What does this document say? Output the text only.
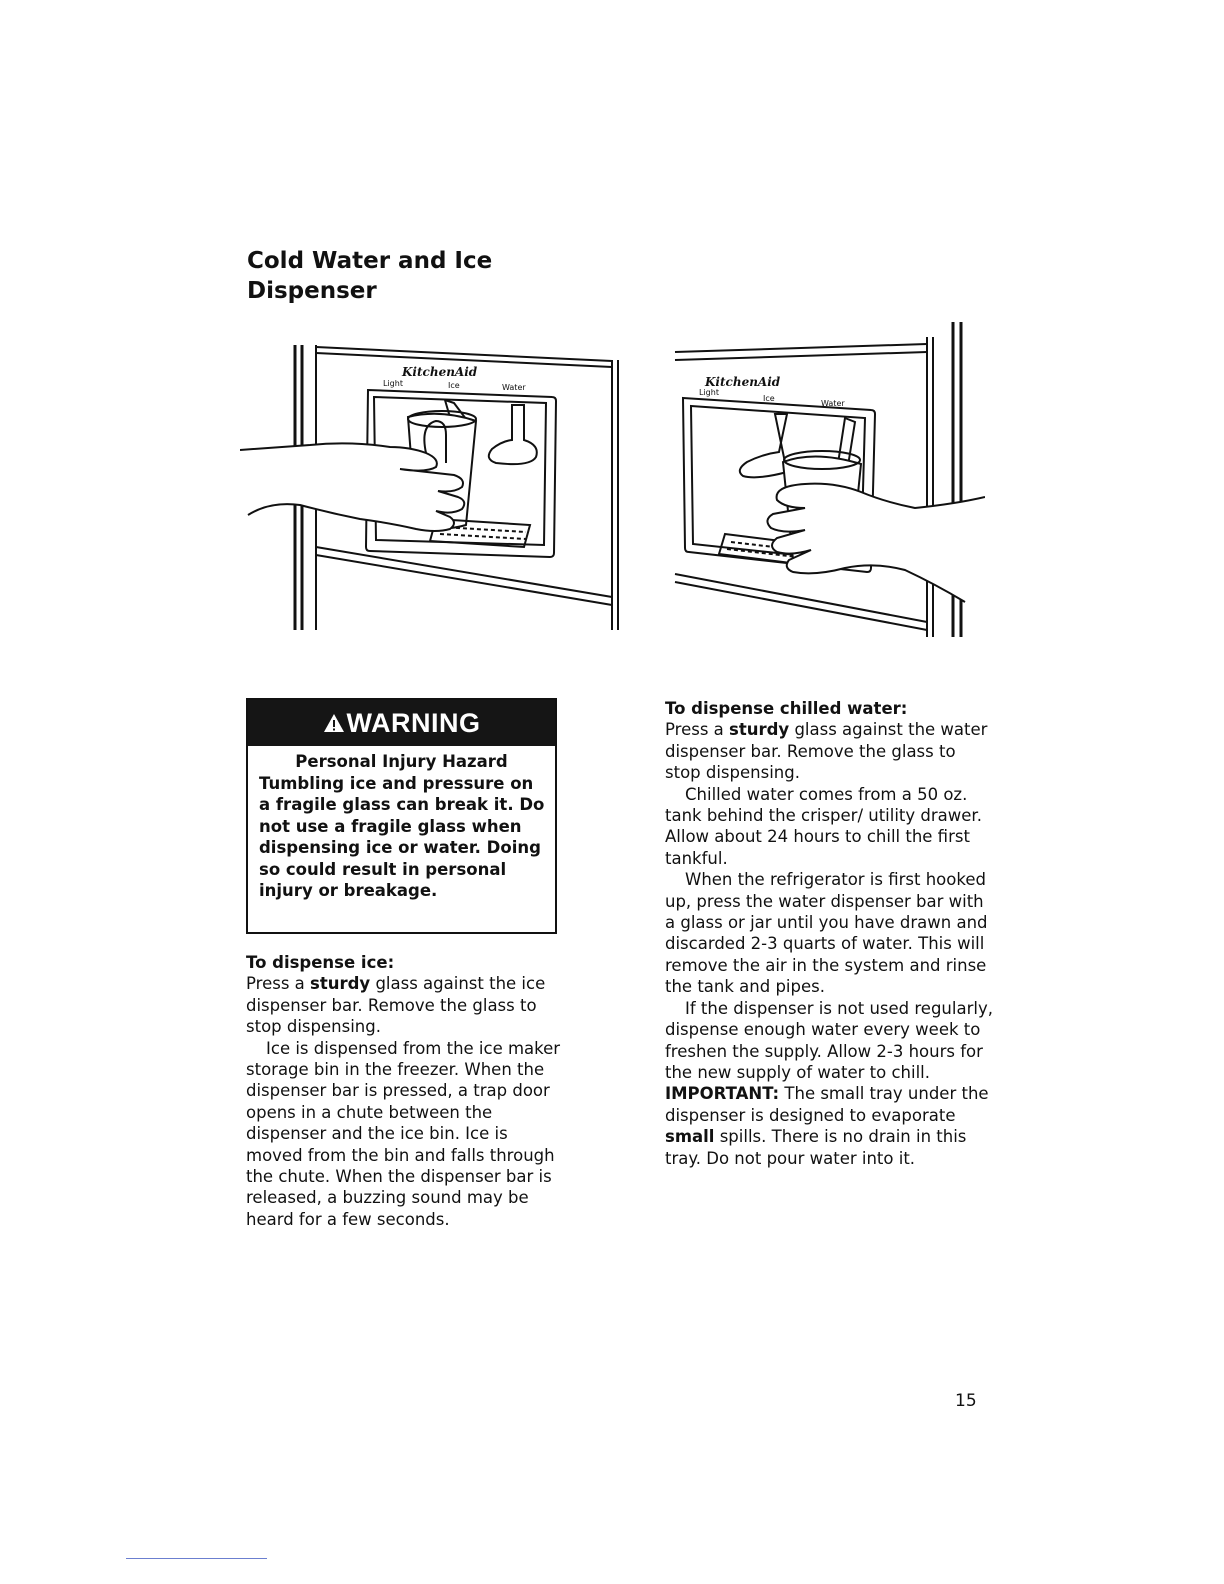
Cold Water and Ice Dispenser
KitchenAid
Light	Ice	Water	KitchenAid
Light
Ice
Water
WARNING
Personal Injury Hazard
Tumbling ice and pressure on a fragile glass can break it. Do not use a fragile glass when dispensing ice or water. Doing so could result in personal injury or breakage.

To dispense ice:

Press a sturdy glass against the ice dispenser bar. Remove the glass to stop dispensing.

Ice is dispensed from the ice maker storage bin in the freezer. When the dispenser bar is pressed, a trap door opens in a chute between the dispenser and the ice bin. Ice is moved from the bin and falls through the chute. When the dispenser bar is released, a buzzing sound may be heard for a few seconds.

To dispense chilled water:

Press a sturdy glass against the water dispenser bar. Remove the glass to stop dispensing.

Chilled water comes from a 50 oz. tank behind the crisper/ utility drawer. Allow about 24 hours to chill the first tankful.

When the refrigerator is first hooked up, press the water dispenser bar with a glass or jar until you have drawn and discarded 2-3 quarts of water. This will remove the air in the system and rinse the tank and pipes.

If the dispenser is not used regularly, dispense enough water every week to freshen the supply. Allow 2-3 hours for the new supply of water to chill.

IMPORTANT: The small tray under the dispenser is designed to evaporate small spills. There is no drain in this tray. Do not pour water into it.

15
